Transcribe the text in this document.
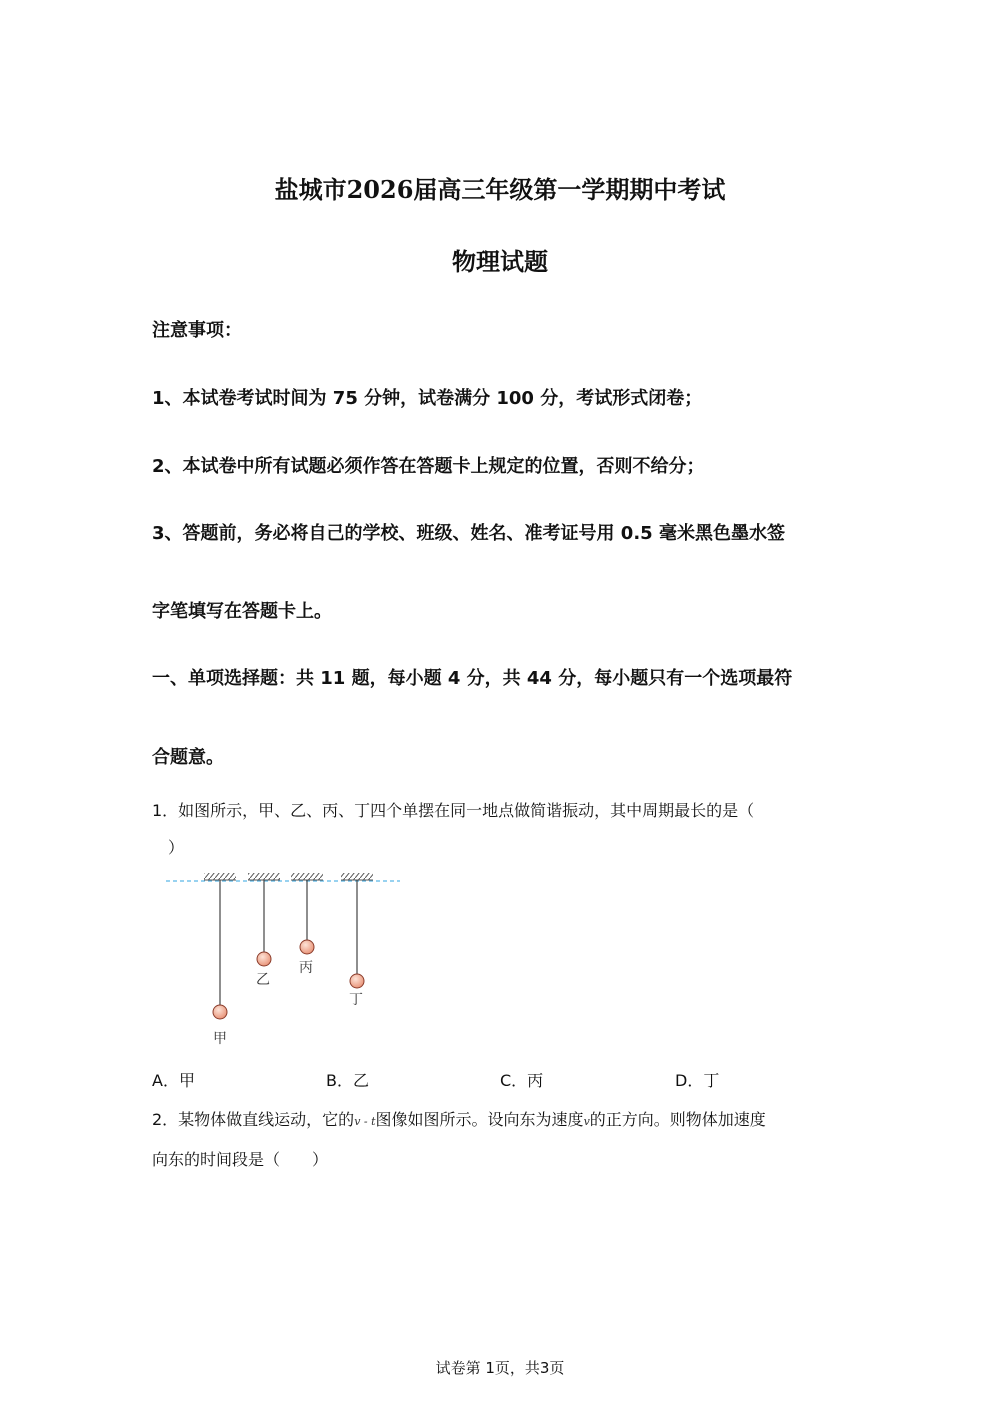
盐城市2026届高三年级第一学期期中考试
物理试题
注意事项：
1、本试卷考试时间为 75 分钟，试卷满分 100 分，考试形式闭卷；
2、本试卷中所有试题必须作答在答题卡上规定的位置，否则不给分；
3、答题前，务必将自己的学校、班级、姓名、准考证号用 0.5 毫米黑色墨水签
字笔填写在答题卡上。
一、单项选择题：共 11 题，每小题 4 分，共 44 分，每小题只有一个选项最符
合题意。
1．如图所示，甲、乙、丙、丁四个单摆在同一地点做简谐振动，其中周期最长的是（
）
甲
乙
丙
丁
A．甲	B．乙	C．丙	D．丁
2．某物体做直线运动，它的v - t图像如图所示。设向东为速度v的正方向。则物体加速度
向东的时间段是（　　）
试卷第 1页，共3页
